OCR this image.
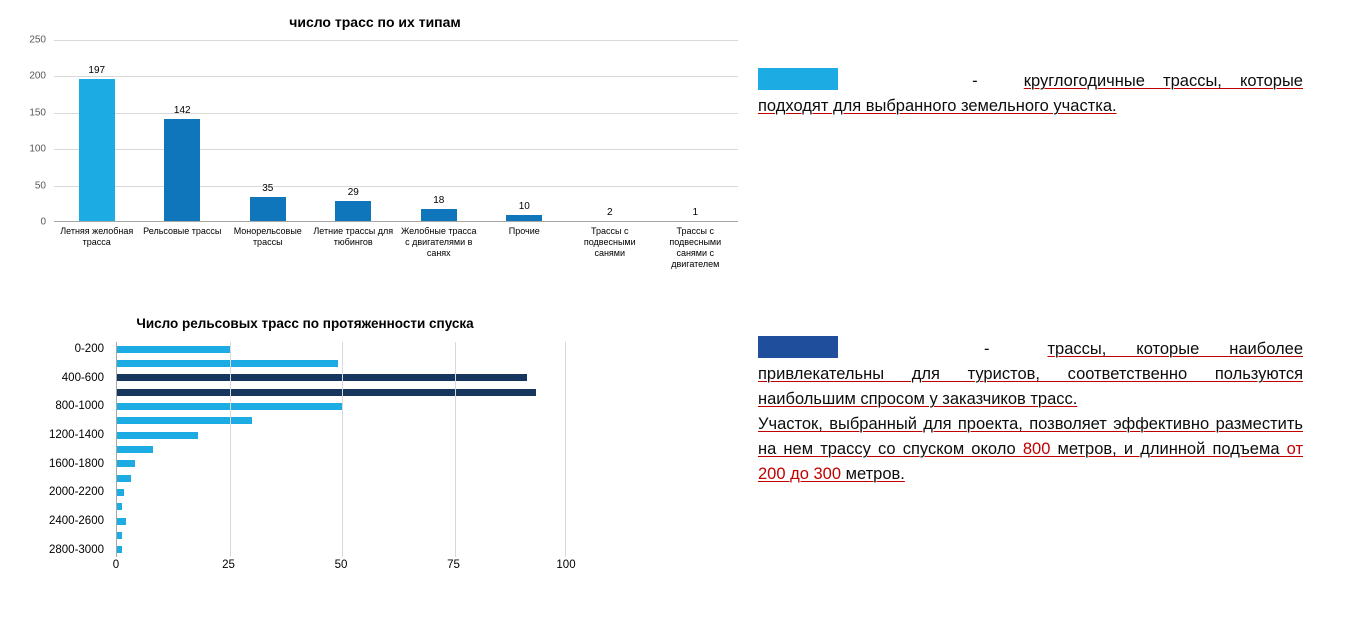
число трасс по их типам
0
50
100
150
200
250
197
142
35	29
18
10
2	1
Летняя желобная трасса
Рельсовые трассы	Монорельсовые трассы
Летние трассы для тюбингов
Желобные трасса с двигателями в санях
Прочие	Трассы с подвесными санями
Трассы с подвесными санями с двигателем
Число рельсовых трасс по протяженности спуска
0-200
400-600
800-1000
1200-1400
1600-1800
2000-2200
2400-2600
2800-3000
0	25	50	75	100

-	круглогодичные трассы, которые подходят для выбранного земельного участка.

-	трассы, которые наиболее привлекательны для туристов, соответственно пользуются наибольшим спросом у заказчиков трасс.

Участок, выбранный для проекта, позволяет эффективно разместить на нем трассу со спуском около 800 метров, и длинной подъема от 200 до 300 метров.
